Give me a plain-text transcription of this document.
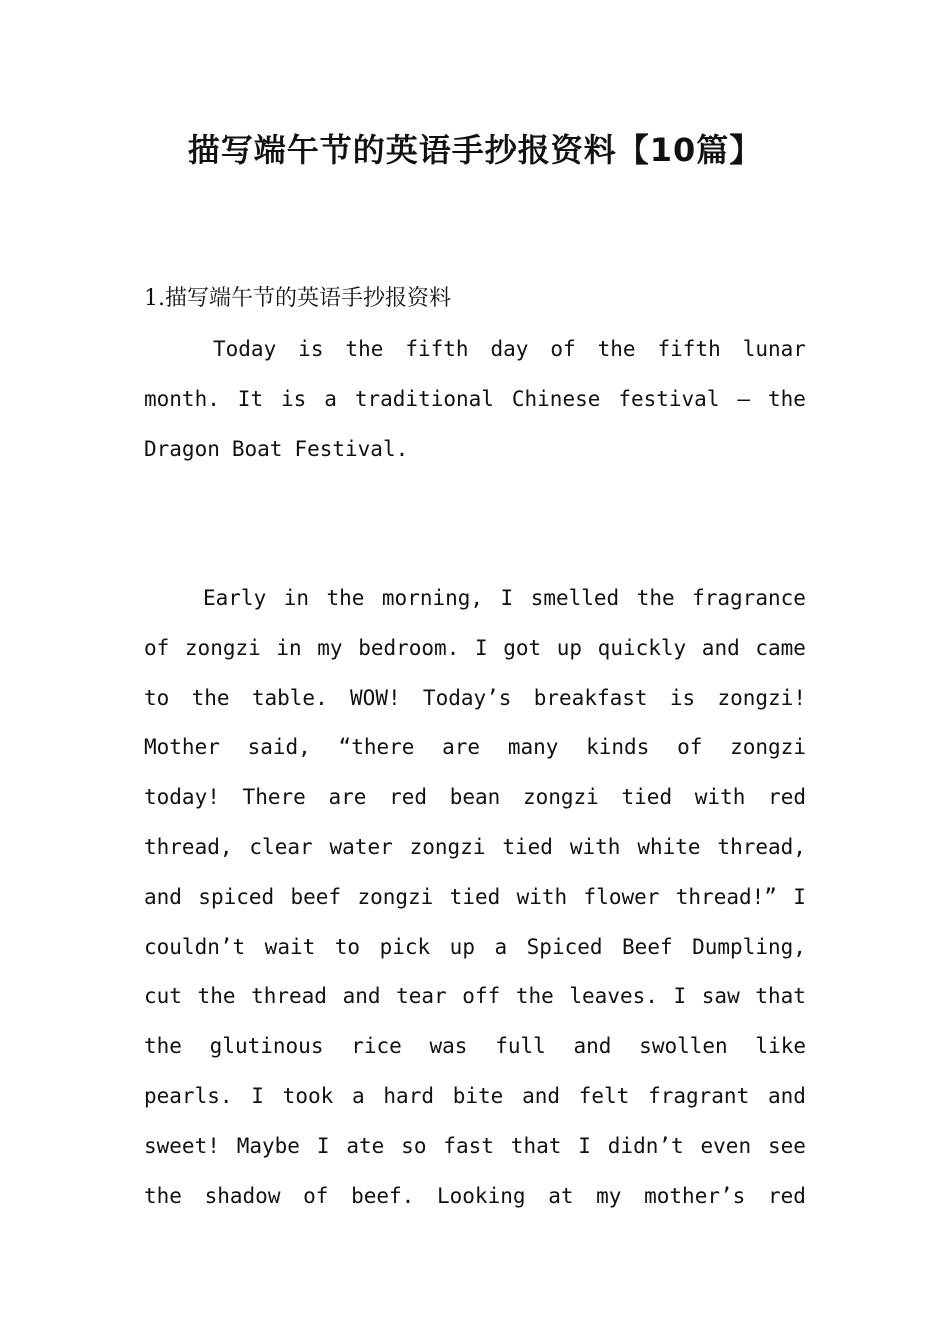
描写端午节的英语手抄报资料【10篇】
1.描写端午节的英语手抄报资料
Today is the fifth day of the fifth lunar
month. It is a traditional Chinese festival – the
Dragon Boat Festival.
Early in the morning, I smelled the fragrance
of zongzi in my bedroom. I got up quickly and came
to the table. WOW! Today’s breakfast is zongzi!
Mother said, “there are many kinds of zongzi
today! There are red bean zongzi tied with red
thread, clear water zongzi tied with white thread,
and spiced beef zongzi tied with flower thread!” I
couldn’t wait to pick up a Spiced Beef Dumpling,
cut the thread and tear off the leaves. I saw that
the glutinous rice was full and swollen like
pearls. I took a hard bite and felt fragrant and
sweet! Maybe I ate so fast that I didn’t even see
the shadow of beef. Looking at my mother’s red
